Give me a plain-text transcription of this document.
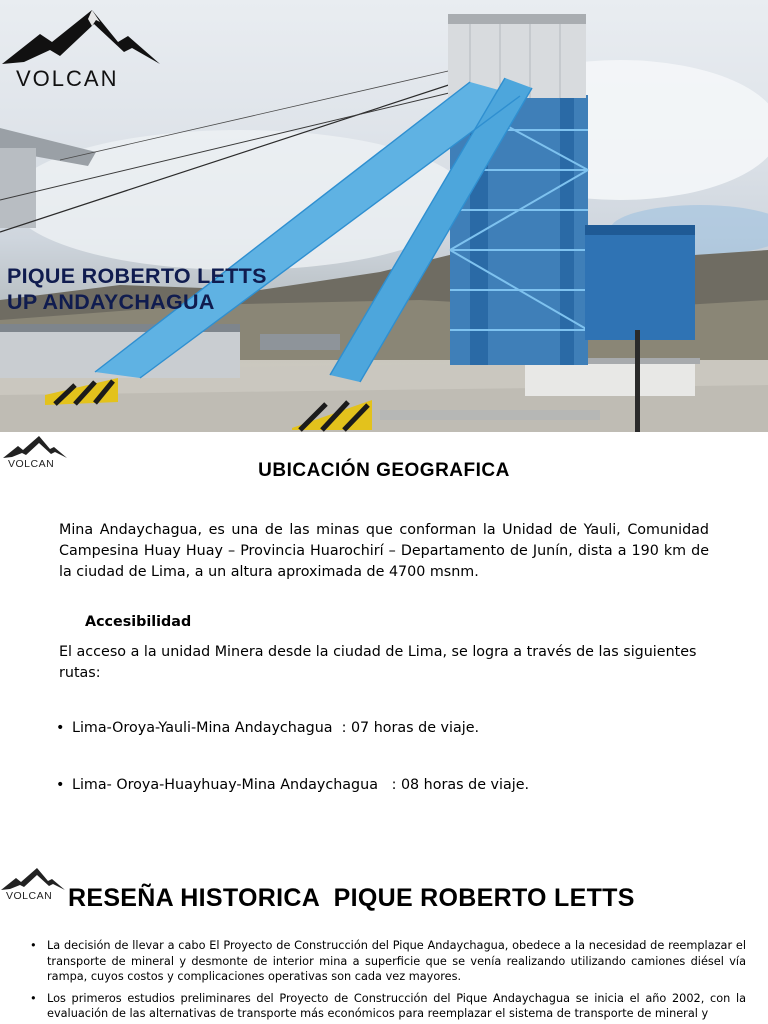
VOLCAN
PIQUE ROBERTO LETTS
UP ANDAYCHAGUA
VOLCAN	UBICACIÓN GEOGRAFICA

Mina Andaychagua, es una de las minas que conforman la Unidad de Yauli, Comunidad Campesina Huay Huay – Provincia Huarochirí – Departamento de Junín, dista a 190 km de la ciudad de Lima, a un altura aproximada de 4700 msnm.

Accesibilidad

El acceso a la unidad Minera desde la ciudad de Lima, se logra a través de las siguientes rutas:

• Lima-Oroya-Yauli-Mina Andaychagua  : 07 horas de viaje.
• Lima- Oroya-Huayhuay-Mina Andaychagua   : 08 horas de viaje.
VOLCAN RESEÑA HISTORICA  PIQUE ROBERTO LETTS
• La decisión de llevar a cabo El Proyecto de Construcción del Pique Andaychagua, obedece a la necesidad de reemplazar el transporte de mineral y desmonte de interior mina a superficie que se venía realizando utilizando camiones diésel vía rampa, cuyos costos y complicaciones operativas son cada vez mayores.
• Los primeros estudios preliminares del Proyecto de Construcción del Pique Andaychagua se inicia el año 2002, con la evaluación de las alternativas de transporte más económicos para reemplazar el sistema de transporte de mineral y
